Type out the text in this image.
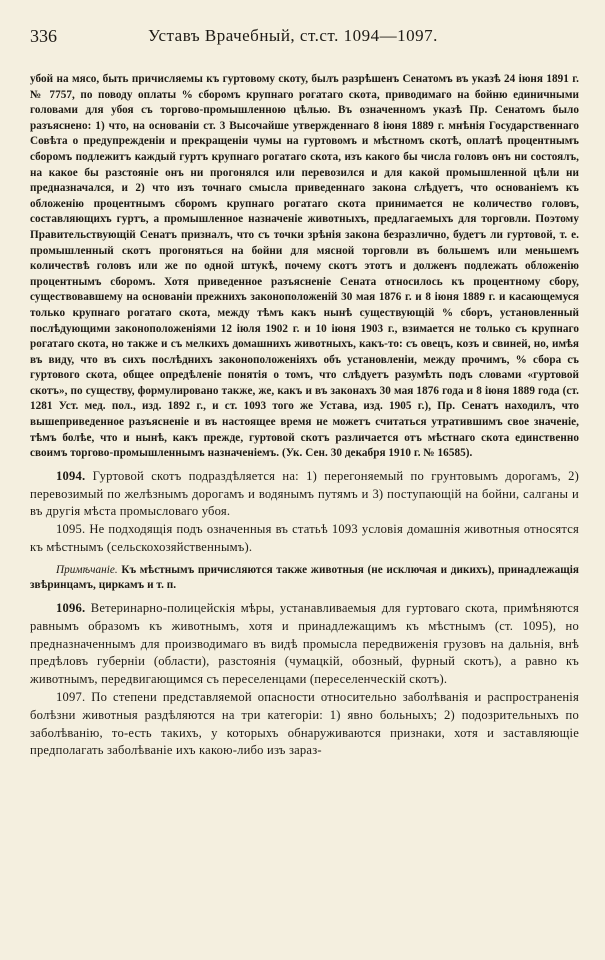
336	Уставъ Врачебный, ст.ст. 1094—1097.
убой на мясо, быть причисляемы къ гуртовому скоту, былъ разрѣшенъ Сенатомъ въ указѣ 24 іюня 1891 г. № 7757, по поводу оплаты % сборомъ крупнаго рогатаго скота, приводимаго на бойню единичными головами для убоя съ торгово-промышленною цѣлью. Въ означенномъ указѣ Пр. Сенатомъ было разъяснено: 1) что, на основаніи ст. 3 Высочайше утвержденнаго 8 іюня 1889 г. мнѣнія Государственнаго Совѣта о предупрежденіи и прекращеніи чумы на гуртовомъ и мѣстномъ скотѣ, оплатѣ процентнымъ сборомъ подлежитъ каждый гуртъ крупнаго рогатаго скота, изъ какого бы числа головъ онъ ни состоялъ, на какое бы разстояніе онъ ни прогонялся или перевозился и для какой промышленной цѣли ни предназначался, и 2) что изъ точнаго смысла приведеннаго закона слѣдуетъ, что основаніемъ къ обложенію процентнымъ сборомъ крупнаго рогатаго скота принимается не количество головъ, составляющихъ гуртъ, а промышленное назначеніе животныхъ, предлагаемыхъ для торговли. Поэтому Правительствующій Сенатъ призналъ, что съ точки зрѣнія закона безразлично, будетъ ли гуртовой, т. е. промышленный скотъ прогоняться на бойни для мясной торговли въ большемъ или меньшемъ количествѣ головъ или же по одной штукѣ, почему скотъ этотъ и долженъ подлежать обложенію процентнымъ сборомъ. Хотя приведенное разъясненіе Сената относилось къ процентному сбору, существовавшему на основаніи прежнихъ законоположеній 30 мая 1876 г. и 8 іюня 1889 г. и касающемуся только крупнаго рогатаго скота, между тѣмъ какъ нынѣ существующій % сборъ, установленный послѣдующими законоположеніями 12 іюля 1902 г. и 10 іюня 1903 г., взимается не только съ крупнаго рогатаго скота, но также и съ мелкихъ домашнихъ животныхъ, какъ-то: съ овецъ, козъ и свиней, но, имѣя въ виду, что въ сихъ послѣднихъ законоположеніяхъ объ установленіи, между прочимъ, % сбора съ гуртового скота, общее опредѣленіе понятія о томъ, что слѣдуетъ разумѣть подъ словами «гуртовой скотъ», по существу, формулировано также, же, какъ и въ законахъ 30 мая 1876 года и 8 іюня 1889 года (ст. 1281 Уст. мед. пол., изд. 1892 г., и ст. 1093 того же Устава, изд. 1905 г.), Пр. Сенатъ находилъ, что вышеприведенное разъясненіе и въ настоящее время не можетъ считаться утратившимъ свое значеніе, тѣмъ болѣе, что и нынѣ, какъ прежде, гуртовой скотъ различается отъ мѣстнаго скота единственно своимъ торгово-промышленнымъ назначеніемъ. (Ук. Сен. 30 декабря 1910 г. № 16585).
1094. Гуртовой скотъ подраздѣляется на: 1) перегоняемый по грунтовымъ дорогамъ, 2) перевозимый по желѣзнымъ дорогамъ и водянымъ путямъ и 3) поступающій на бойни, салганы и въ другія мѣста промысловаго убоя.
1095. Не подходящія подъ означенныя въ статьѣ 1093 условія домашнія животныя относятся къ мѣстнымъ (сельскохозяйственнымъ).
Примѣчаніе. Къ мѣстнымъ причисляются также животныя (не исключая и дикихъ), принадлежащія звѣринцамъ, циркамъ и т. п.
1096. Ветеринарно-полицейскія мѣры, устанавливаемыя для гуртоваго скота, примѣняются равнымъ образомъ къ животнымъ, хотя и принадлежащимъ къ мѣстнымъ (ст. 1095), но предназначеннымъ для производимаго въ видѣ промысла передвиженія грузовъ на дальнія, внѣ предѣловъ губерніи (области), разстоянія (чумацкій, обозный, фурный скотъ), а равно къ животнымъ, передвигающимся съ переселенцами (переселенческій скотъ).
1097. По степени представляемой опасности относительно заболѣванія и распространенія болѣзни животныя раздѣляются на три категоріи: 1) явно больныхъ; 2) подозрительныхъ по заболѣванію, то-есть такихъ, у которыхъ обнаруживаются признаки, хотя и заставляющіе предполагать заболѣваніе ихъ какою-либо изъ зараз-
